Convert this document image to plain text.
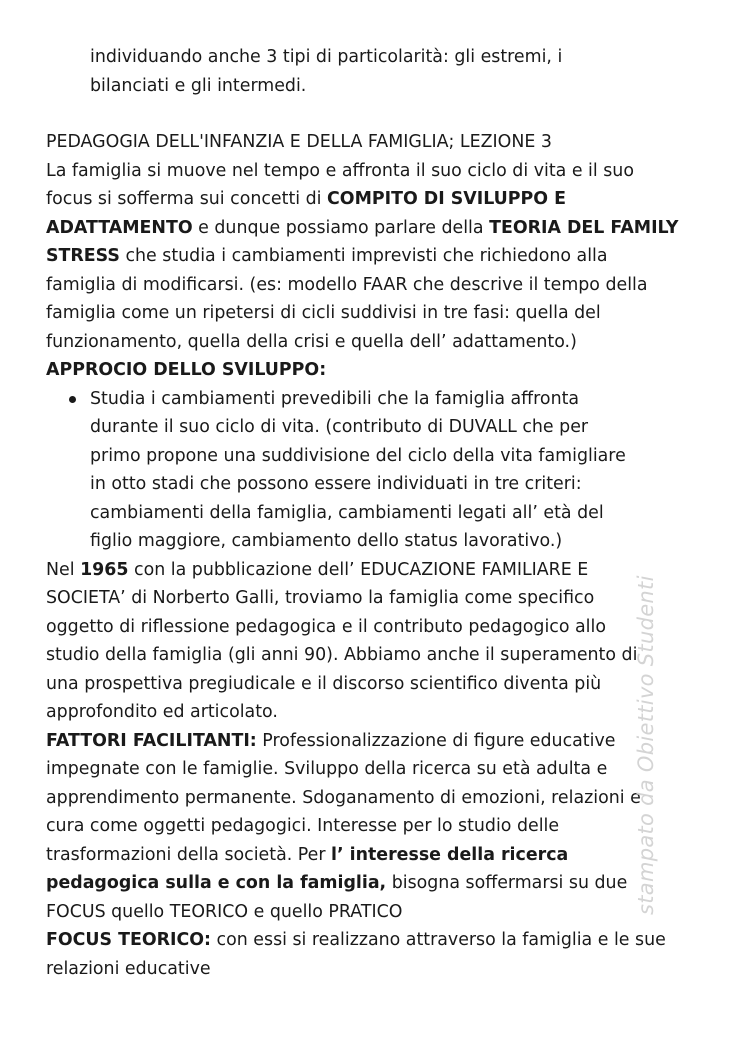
individuando anche 3 tipi di particolarità: gli estremi, i
bilanciati e gli intermedi.
PEDAGOGIA DELL'INFANZIA E DELLA FAMIGLIA; LEZIONE 3
La famiglia si muove nel tempo e affronta il suo ciclo di vita e il suo
focus si sofferma sui concetti di COMPITO DI SVILUPPO E
ADATTAMENTO e dunque possiamo parlare della TEORIA DEL FAMILY
STRESS che studia i cambiamenti imprevisti che richiedono alla
famiglia di modificarsi. (es: modello FAAR che descrive il tempo della
famiglia come un ripetersi di cicli suddivisi in tre fasi: quella del
funzionamento, quella della crisi e quella dell’ adattamento.)
APPROCIO DELLO SVILUPPO:
Studia i cambiamenti prevedibili che la famiglia affronta
durante il suo ciclo di vita. (contributo di DUVALL che per
primo propone una suddivisione del ciclo della vita famigliare
in otto stadi che possono essere individuati in tre criteri:
cambiamenti della famiglia, cambiamenti legati all’ età del
figlio maggiore, cambiamento dello status lavorativo.)
Nel 1965 con la pubblicazione dell’ EDUCAZIONE FAMILIARE E
SOCIETA’ di Norberto Galli, troviamo la famiglia come specifico
oggetto di riflessione pedagogica e il contributo pedagogico allo
studio della famiglia (gli anni 90). Abbiamo anche il superamento di
una prospettiva pregiudicale e il discorso scientifico diventa più
approfondito ed articolato.
FATTORI FACILITANTI: Professionalizzazione di figure educative
impegnate con le famiglie. Sviluppo della ricerca su età adulta e
apprendimento permanente. Sdoganamento di emozioni, relazioni e
cura come oggetti pedagogici. Interesse per lo studio delle
trasformazioni della società. Per l’ interesse della ricerca
pedagogica sulla e con la famiglia, bisogna soffermarsi su due
FOCUS quello TEORICO e quello PRATICO
FOCUS TEORICO: con essi si realizzano attraverso la famiglia e le sue
relazioni educative
stampato da Obiettivo Studenti
